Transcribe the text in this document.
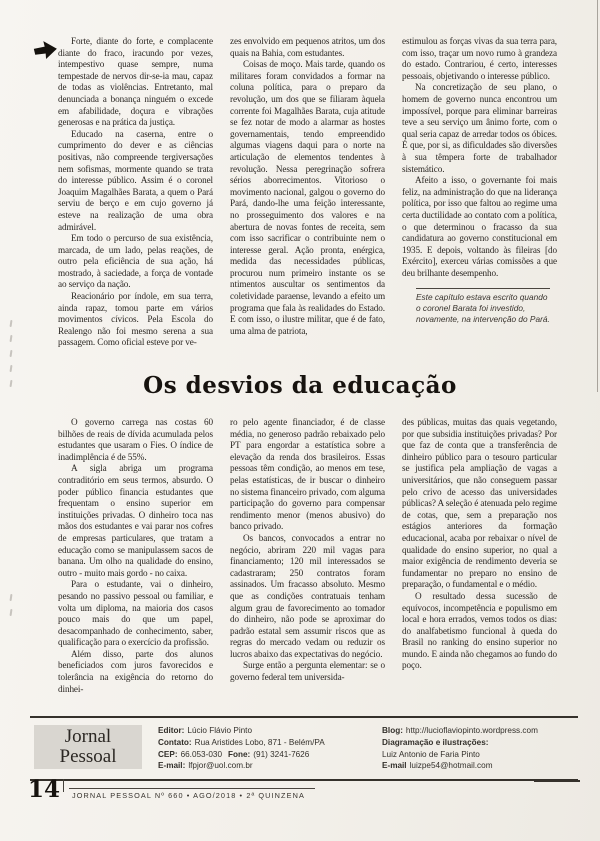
Forte, diante do forte, e complacente diante do fraco, iracundo por vezes, intempestivo quase sempre, numa tempestade de nervos dir-se-ia mau, capaz de todas as violências. Entretanto, mal denunciada a bonança ninguém o excede em afabilidade, doçura e vibrações generosas e na prática da justiça.

Educado na caserna, entre o cumprimento do dever e as ciências positivas, não compreende tergiversações nem sofismas, mormente quando se trata do interesse público. Assim é o coronel Joaquim Magalhães Barata, a quem o Pará serviu de berço e em cujo governo já esteve na realização de uma obra admirável.

Em todo o percurso de sua existência, marcada, de um lado, pelas reações, de outro pela eficiência de sua ação, há mostrado, à saciedade, a força de vontade ao serviço da nação.

Reacionário por índole, em sua terra, ainda rapaz, tomou parte em vários movimentos cívicos. Pela Escola do Realengo não foi mesmo serena a sua passagem. Como oficial esteve por ve-

zes envolvido em pequenos atritos, um dos quais na Bahia, com estudantes.

Coisas de moço. Mais tarde, quando os militares foram convidados a formar na coluna política, para o preparo da revolução, um dos que se filiaram àquela corrente foi Magalhães Barata, cuja atitude se fez notar de modo a alarmar as hostes governamentais, tendo empreendido algumas viagens daqui para o norte na articulação de elementos tendentes à revolução. Nessa peregrinação sofrera sérios aborrecimentos. Vitorioso o movimento nacional, galgou o governo do Pará, dando-lhe uma feição interessante, no prosseguimento dos valores e na abertura de novas fontes de receita, sem com isso sacrificar o contribuinte nem o interesse geral. Ação pronta, enérgica, medida das necessidades públicas, procurou num primeiro instante os se ntimentos auscultar os sentimentos da coletividade paraense, levando a efeito um programa que fala às realidades do Estado. E com isso, o ilustre militar, que é de fato, uma alma de patriota,

estimulou as forças vivas da sua terra para, com isso, traçar um novo rumo à grandeza do estado. Contrariou, é certo, interesses pessoais, objetivando o interesse público.

Na concretização de seu plano, o homem de governo nunca encontrou um impossível, porque para eliminar barreiras teve a seu serviço um ânimo forte, com o qual seria capaz de arredar todos os óbices. É que, por si, as dificuldades são diversões à sua têmpera forte de trabalhador sistemático.

Afeito a isso, o governante foi mais feliz, na administração do que na liderança política, por isso que faltou ao regime uma certa ductilidade ao contato com a política, o que determinou o fracasso da sua candidatura ao governo constitucional em 1935. E depois, voltando às fileiras [do Exército], exerceu várias comissões a que deu brilhante desempenho.

Este capítulo estava escrito quando o coronel Barata foi investido, novamente, na intervenção do Pará.

Os desvios da educação

O governo carrega nas costas 60 bilhões de reais de dívida acumulada pelos estudantes que usaram o Fies. O índice de inadimplência é de 55%.

A sigla abriga um programa contraditório em seus termos, absurdo. O poder público financia estudantes que frequentam o ensino superior em instituições privadas. O dinheiro toca nas mãos dos estudantes e vai parar nos cofres de empresas particulares, que tratam a educação como se manipulassem sacos de banana. Um olho na qualidade do ensino, outro - muito mais gordo - no caixa.

Para o estudante, vai o dinheiro, pesando no passivo pessoal ou familiar, e volta um diploma, na maioria dos casos pouco mais do que um papel, desacompanhado de conhecimento, saber, qualificação para o exercício da profissão.

Além disso, parte dos alunos beneficiados com juros favorecidos e tolerância na exigência do retorno do dinhei-

ro pelo agente financiador, é de classe média, no generoso padrão rebaixado pelo PT para engordar a estatística sobre a elevação da renda dos brasileiros. Essas pessoas têm condição, ao menos em tese, pelas estatísticas, de ir buscar o dinheiro no sistema financeiro privado, com alguma participação do governo para compensar rendimento menor (menos abusivo) do banco privado.

Os bancos, convocados a entrar no negócio, abriram 220 mil vagas para financiamento; 120 mil interessados se cadastraram; 250 contratos foram assinados. Um fracasso absoluto. Mesmo que as condições contratuais tenham algum grau de favorecimento ao tomador do dinheiro, não pode se aproximar do padrão estatal sem assumir riscos que as regras do mercado vedam ou reduzir os lucros abaixo das expectativas do negócio.

Surge então a pergunta elementar: se o governo federal tem universida-

des públicas, muitas das quais vegetando, por que subsidia instituições privadas? Por que faz de conta que a transferência de dinheiro público para o tesouro particular se justifica pela ampliação de vagas a universitários, que não conseguem passar pelo crivo de acesso das universidades públicas? A seleção é atenuada pelo regime de cotas, que, sem a preparação nos estágios anteriores da formação educacional, acaba por rebaixar o nível de qualidade do ensino superior, no qual a maior exigência de rendimento deveria se fundamentar no preparo no ensino de preparação, o fundamental e o médio.

O resultado dessa sucessão de equívocos, incompetência e populismo em local e hora errados, vemos todos os dias: do analfabetismo funcional à queda do Brasil no ranking do ensino superior no mundo. E ainda não chegamos ao fundo do poço.

Jornal
Pessoal
Editor: Lúcio Flávio Pinto
Contato: Rua Aristides Lobo, 871 - Belém/PA
CEP: 66.053-030 Fone: (91) 3241-7626
E-mail: lfpjor@uol.com.br
Blog: http://lucioflaviopinto.wordpress.com
Diagramação e ilustrações:
Luiz Antonio de Faria Pinto
E-mail luizpe54@hotmail.com
14	JORNAL PESSOAL Nº 660 • AGO/2018 • 2ª QUINZENA
